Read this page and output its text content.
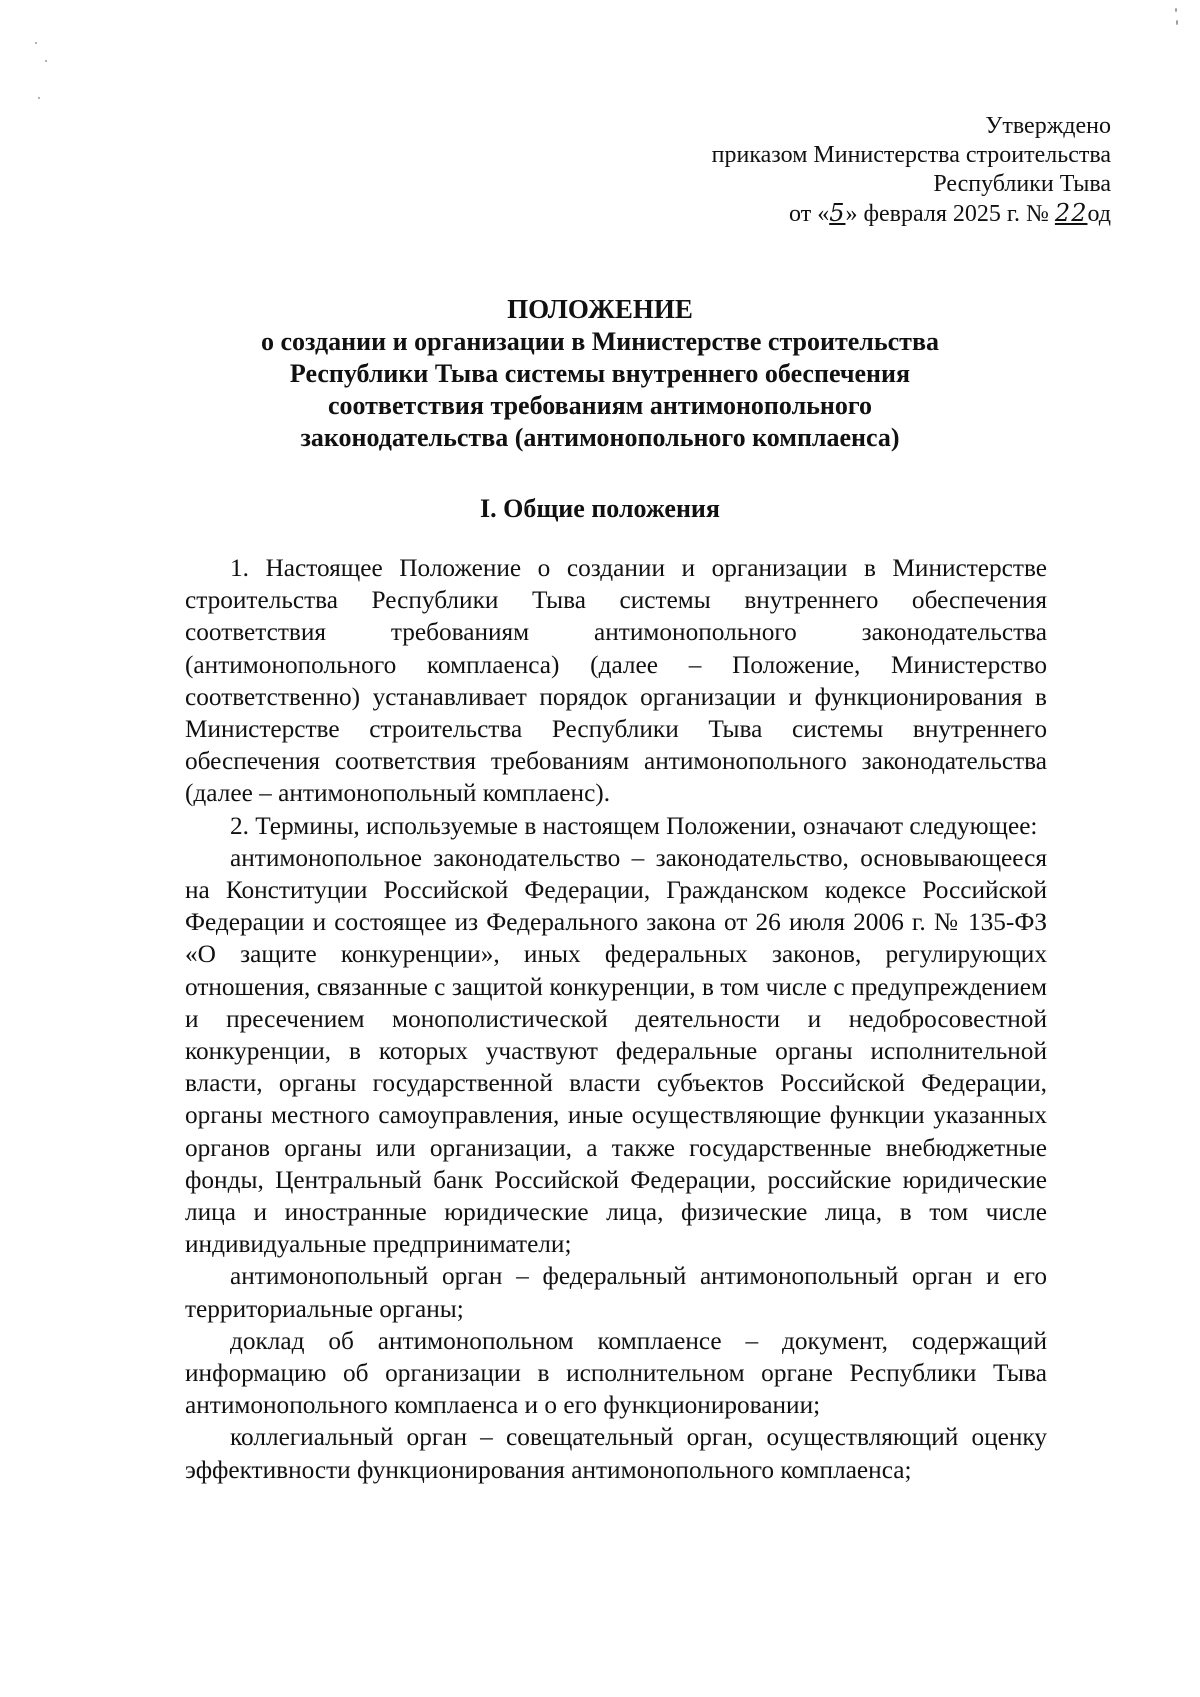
Утверждено
приказом Министерства строительства
Республики Тыва
от «5» февраля 2025 г. № 22од
ПОЛОЖЕНИЕ
о создании и организации в Министерстве строительства
Республики Тыва системы внутреннего обеспечения
соответствия требованиям антимонопольного
законодательства (антимонопольного комплаенса)
I. Общие положения

1. Настоящее Положение о создании и организации в Министерстве строительства Республики Тыва системы внутреннего обеспечения соответствия требованиям антимонопольного законодательства (антимонопольного комплаенса) (далее – Положение, Министерство соответственно) устанавливает порядок организации и функционирования в Министерстве строительства Республики Тыва системы внутреннего обеспечения соответствия требованиям антимонопольного законодательства (далее – антимонопольный комплаенс).

2. Термины, используемые в настоящем Положении, означают следующее:

антимонопольное законодательство – законодательство, основывающееся на Конституции Российской Федерации, Гражданском кодексе Российской Федерации и состоящее из Федерального закона от 26 июля 2006 г. № 135-ФЗ «О защите конкуренции», иных федеральных законов, регулирующих отношения, связанные с защитой конкуренции, в том числе с предупреждением и пресечением монополистической деятельности и недобросовестной конкуренции, в которых участвуют федеральные органы исполнительной власти, органы государственной власти субъектов Российской Федерации, органы местного самоуправления, иные осуществляющие функции указанных органов органы или организации, а также государственные внебюджетные фонды, Центральный банк Российской Федерации, российские юридические лица и иностранные юридические лица, физические лица, в том числе индивидуальные предприниматели;

антимонопольный орган – федеральный антимонопольный орган и его территориальные органы;

доклад об антимонопольном комплаенсе – документ, содержащий информацию об организации в исполнительном органе Республики Тыва антимонопольного комплаенса и о его функционировании;

коллегиальный орган – совещательный орган, осуществляющий оценку эффективности функционирования антимонопольного комплаенса;
